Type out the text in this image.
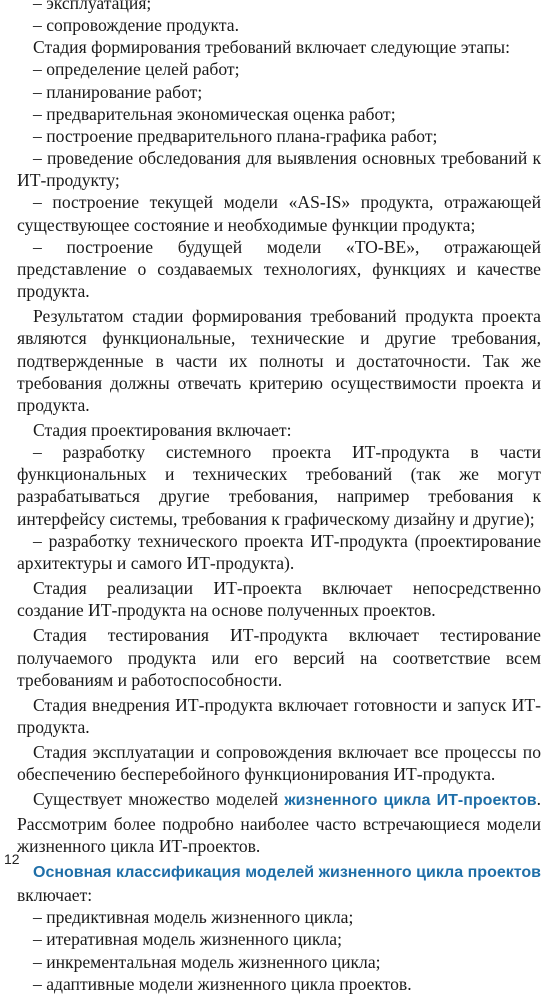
– эксплуатация;

– сопровождение продукта.

Стадия формирования требований включает следующие этапы:

– определение целей работ;

– планирование работ;

– предварительная экономическая оценка работ;

– построение предварительного плана-графика работ;

– проведение обследования для выявления основных требований к ИТ-продукту;

– построение текущей модели «AS-IS» продукта, отражающей существующее состояние и необходимые функции продукта;

– построение будущей модели «TO-BE», отражающей представление о создаваемых технологиях, функциях и качестве продукта.

Результатом стадии формирования требований продукта проекта являются функциональные, технические и другие требования, подтвержденные в части их полноты и достаточности. Так же требования должны отвечать критерию осуществимости проекта и продукта.

Стадия проектирования включает:

– разработку системного проекта ИТ-продукта в части функциональных и технических требований (так же могут разрабатываться другие требования, например требования к интерфейсу системы, требования к графическому дизайну и другие);

– разработку технического проекта ИТ-продукта (проектирование архитектуры и самого ИТ-продукта).

Стадия реализации ИТ-проекта включает непосредственно создание ИТ-продукта на основе полученных проектов.

Стадия тестирования ИТ-продукта включает тестирование получаемого продукта или его версий на соответствие всем требованиям и работоспособности.

Стадия внедрения ИТ-продукта включает готовности и запуск ИТ-продукта.

Стадия эксплуатации и сопровождения включает все процессы по обеспечению бесперебойного функционирования ИТ-продукта.

Существует множество моделей жизненного цикла ИТ-проектов. Рассмотрим более подробно наиболее часто встречающиеся модели жизненного цикла ИТ-проектов.

Основная классификация моделей жизненного цикла проектов включает:

– предиктивная модель жизненного цикла;

– итеративная модель жизненного цикла;

– инкрементальная модель жизненного цикла;

– адаптивные модели жизненного цикла проектов.

12
